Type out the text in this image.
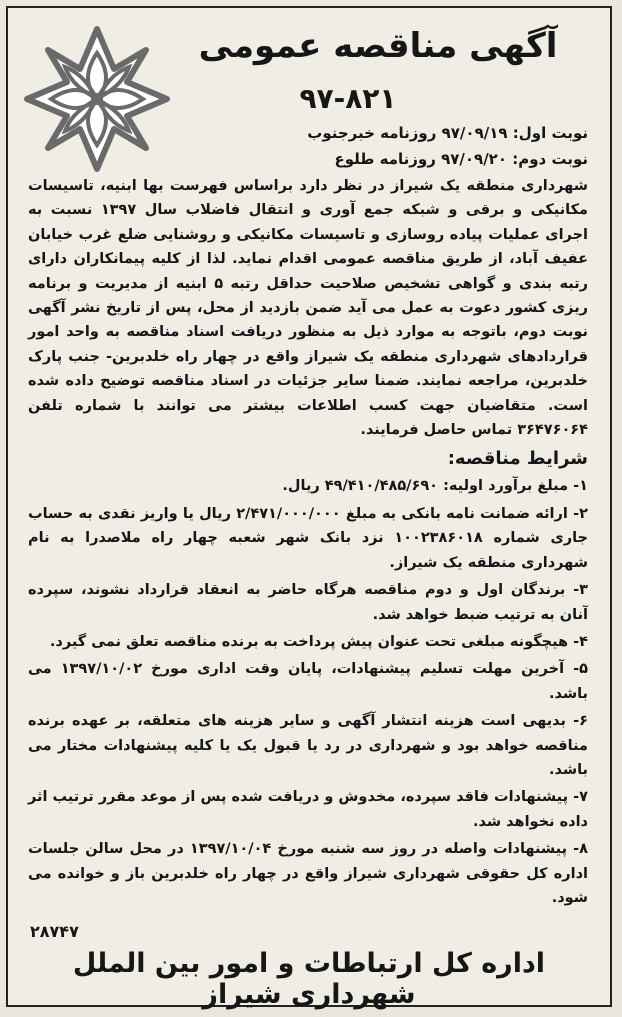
آگهی مناقصه عمومی
۹۷-۸۲۱
نوبت اول: ۹۷/۰۹/۱۹ روزنامه خبرجنوب
نوبت دوم: ۹۷/۰۹/۲۰ روزنامه طلوع

شهرداری منطقه یک شیراز در نظر دارد براساس فهرست بها ابنیه، تاسیسات مکانیکی و برقی و شبکه جمع آوری و انتقال فاضلاب سال ۱۳۹۷ نسبت به اجرای عملیات پیاده روسازی و تاسیسات مکانیکی و روشنایی ضلع غرب خیابان عفیف آباد، از طریق مناقصه عمومی اقدام نماید. لذا از کلیه پیمانکاران دارای رتبه بندی و گواهی تشخیص صلاحیت حداقل رتبه ۵ ابنیه از مدیریت و برنامه ریزی کشور دعوت به عمل می آید ضمن بازدید از محل، پس از تاریخ نشر آگهی نوبت دوم، باتوجه به موارد ذیل به منظور دریافت اسناد مناقصه به واحد امور قراردادهای شهرداری منطقه یک شیراز واقع در چهار راه خلدبرین- جنب پارک خلدبرین، مراجعه نمایند. ضمنا سایر جزئیات در اسناد مناقصه توضیح داده شده است. متقاضیان جهت کسب اطلاعات بیشتر می توانند با شماره تلفن ۳۶۴۷۶۰۶۴ تماس حاصل فرمایند.

شرایط مناقصه:

۱- مبلغ برآورد اولیه: ۴۹/۴۱۰/۴۸۵/۶۹۰ ریال.

۲- ارائه ضمانت نامه بانکی به مبلغ ۲/۴۷۱/۰۰۰/۰۰۰ ریال یا واریز نقدی به حساب جاری شماره ۱۰۰۲۳۸۶۰۱۸ نزد بانک شهر شعبه چهار راه ملاصدرا به نام شهرداری منطقه یک شیراز.

۳- برندگان اول و دوم مناقصه هرگاه حاضر به انعقاد قرارداد نشوند، سپرده آنان به ترتیب ضبط خواهد شد.

۴- هیچگونه مبلغی تحت عنوان پیش پرداخت به برنده مناقصه تعلق نمی گیرد.

۵- آخرین مهلت تسلیم پیشنهادات، پایان وقت اداری مورخ ۱۳۹۷/۱۰/۰۲ می باشد.

۶- بدیهی است هزینه انتشار آگهی و سایر هزینه های متعلقه، بر عهده برنده مناقصه خواهد بود و شهرداری در رد یا قبول یک یا کلیه پیشنهادات مختار می باشد.

۷- پیشنهادات فاقد سپرده، مخدوش و دریافت شده پس از موعد مقرر ترتیب اثر داده نخواهد شد.

۸- پیشنهادات واصله در روز سه شنبه مورخ ۱۳۹۷/۱۰/۰۴ در محل سالن جلسات اداره کل حقوقی شهرداری شیراز واقع در چهار راه خلدبرین باز و خوانده می شود.

۲۸۷۴۷
اداره کل ارتباطات و امور بین الملل شهرداری شیراز
